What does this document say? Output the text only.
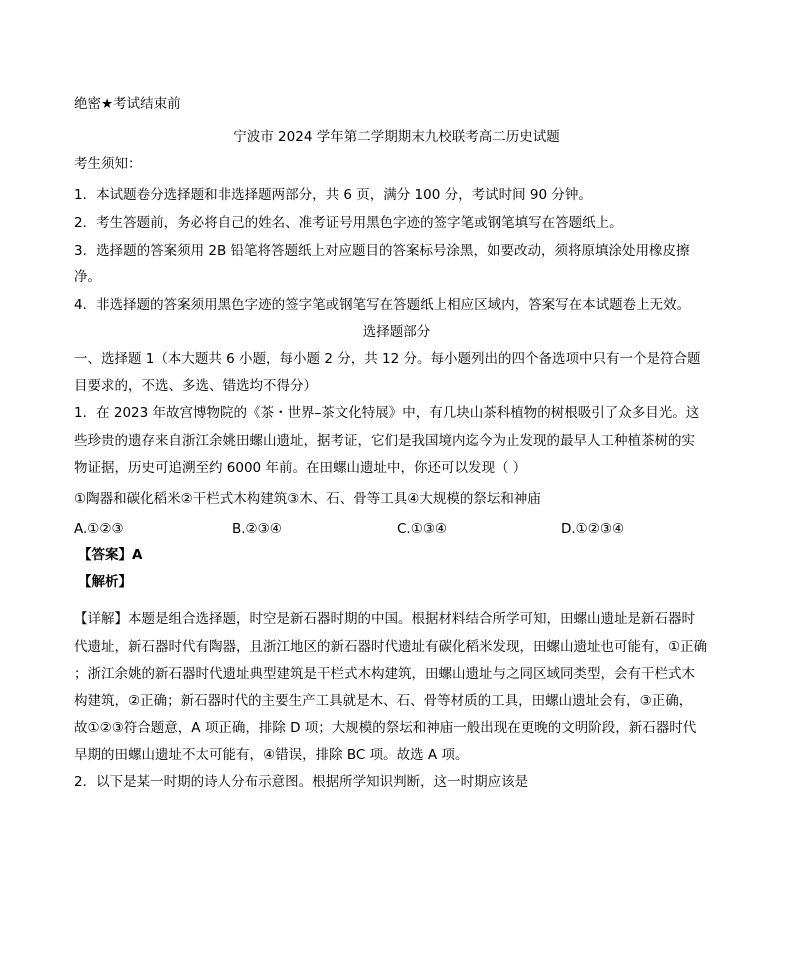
绝密★考试结束前
宁波市 2024 学年第二学期期末九校联考高二历史试题
考生须知：
1．本试题卷分选择题和非选择题两部分，共 6 页，满分 100 分，考试时间 90 分钟。
2．考生答题前，务必将自己的姓名、准考证号用黑色字迹的签字笔或钢笔填写在答题纸上。
3．选择题的答案须用 2B 铅笔将答题纸上对应题目的答案标号涂黑，如要改动，须将原填涂处用橡皮擦
净。
4．非选择题的答案须用黑色字迹的签字笔或钢笔写在答题纸上相应区域内，答案写在本试题卷上无效。
选择题部分
一、选择题 1（本大题共 6 小题，每小题 2 分，共 12 分。每小题列出的四个备选项中只有一个是符合题
目要求的，不选、多选、错选均不得分）
1．在 2023 年故宫博物院的《茶・世界–茶文化特展》中，有几块山茶科植物的树根吸引了众多目光。这
些珍贵的遗存来自浙江余姚田螺山遗址，据考证，它们是我国境内迄今为止发现的最早人工种植茶树的实
物证据，历史可追溯至约 6000 年前。在田螺山遗址中，你还可以发现（ ）
①陶器和碳化稻米②干栏式木构建筑③木、石、骨等工具④大规模的祭坛和神庙
A.①②③	B.②③④	C.①③④	D.①②③④
【答案】A
【解析】
【详解】本题是组合选择题，时空是新石器时期的中国。根据材料结合所学可知，田螺山遗址是新石器时
代遗址，新石器时代有陶器，且浙江地区的新石器时代遗址有碳化稻米发现，田螺山遗址也可能有，①正确
；浙江余姚的新石器时代遗址典型建筑是干栏式木构建筑，田螺山遗址与之同区域同类型，会有干栏式木
构建筑，②正确；新石器时代的主要生产工具就是木、石、骨等材质的工具，田螺山遗址会有，③正确，
故①②③符合题意，A 项正确，排除 D 项；大规模的祭坛和神庙一般出现在更晚的文明阶段，新石器时代
早期的田螺山遗址不太可能有，④错误，排除 BC 项。故选 A 项。
2．以下是某一时期的诗人分布示意图。根据所学知识判断，这一时期应该是
